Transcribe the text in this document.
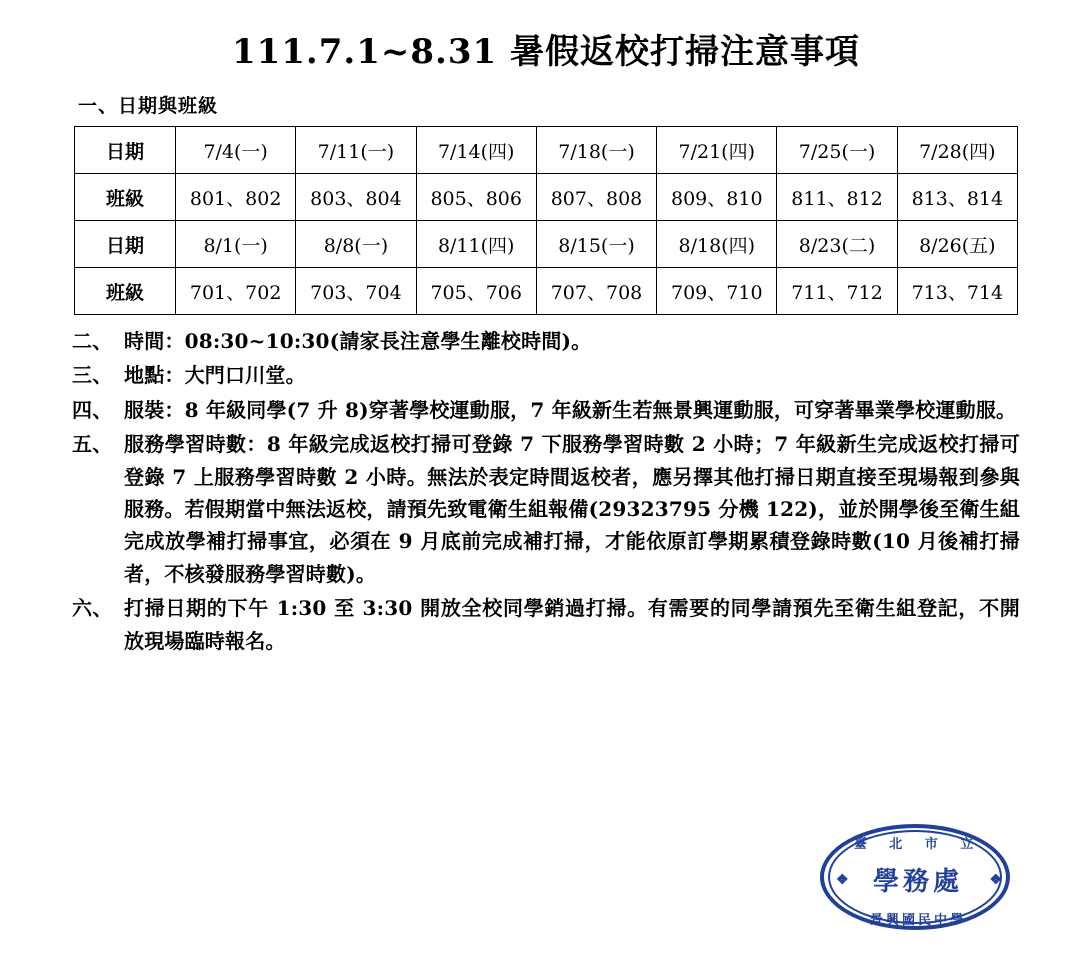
111.7.1~8.31 暑假返校打掃注意事項
一、日期與班級
日期	7/4(一)	7/11(一)	7/14(四)	7/18(一)	7/21(四)	7/25(一)	7/28(四)
班級	801、802	803、804	805、806	807、808	809、810	811、812	813、814
日期	8/1(一)	8/8(一)	8/11(四)	8/15(一)	8/18(四)	8/23(二)	8/26(五)
班級	701、702	703、704	705、706	707、708	709、710	711、712	713、714
二、 時間：08:30~10:30(請家長注意學生離校時間)。
三、 地點：大門口川堂。
四、 服裝：8 年級同學(7 升 8)穿著學校運動服，7 年級新生若無景興運動服，可穿著畢業學校運動服。
五、 服務學習時數：8 年級完成返校打掃可登錄 7 下服務學習時數 2 小時；7 年級新生完成返校打掃可登錄 7 上服務學習時數 2 小時。無法於表定時間返校者，應另擇其他打掃日期直接至現場報到參與服務。若假期當中無法返校，請預先致電衛生組報備(29323795 分機 122)，並於開學後至衛生組完成放學補打掃事宜，必須在 9 月底前完成補打掃，才能依原訂學期累積登錄時數(10 月後補打掃者，不核發服務學習時數)。
六、 打掃日期的下午 1:30 至 3:30 開放全校同學銷過打掃。有需要的同學請預先至衛生組登記，不開放現場臨時報名。
臺 北 市 立
學務處
景興國民中學
❖	❖
